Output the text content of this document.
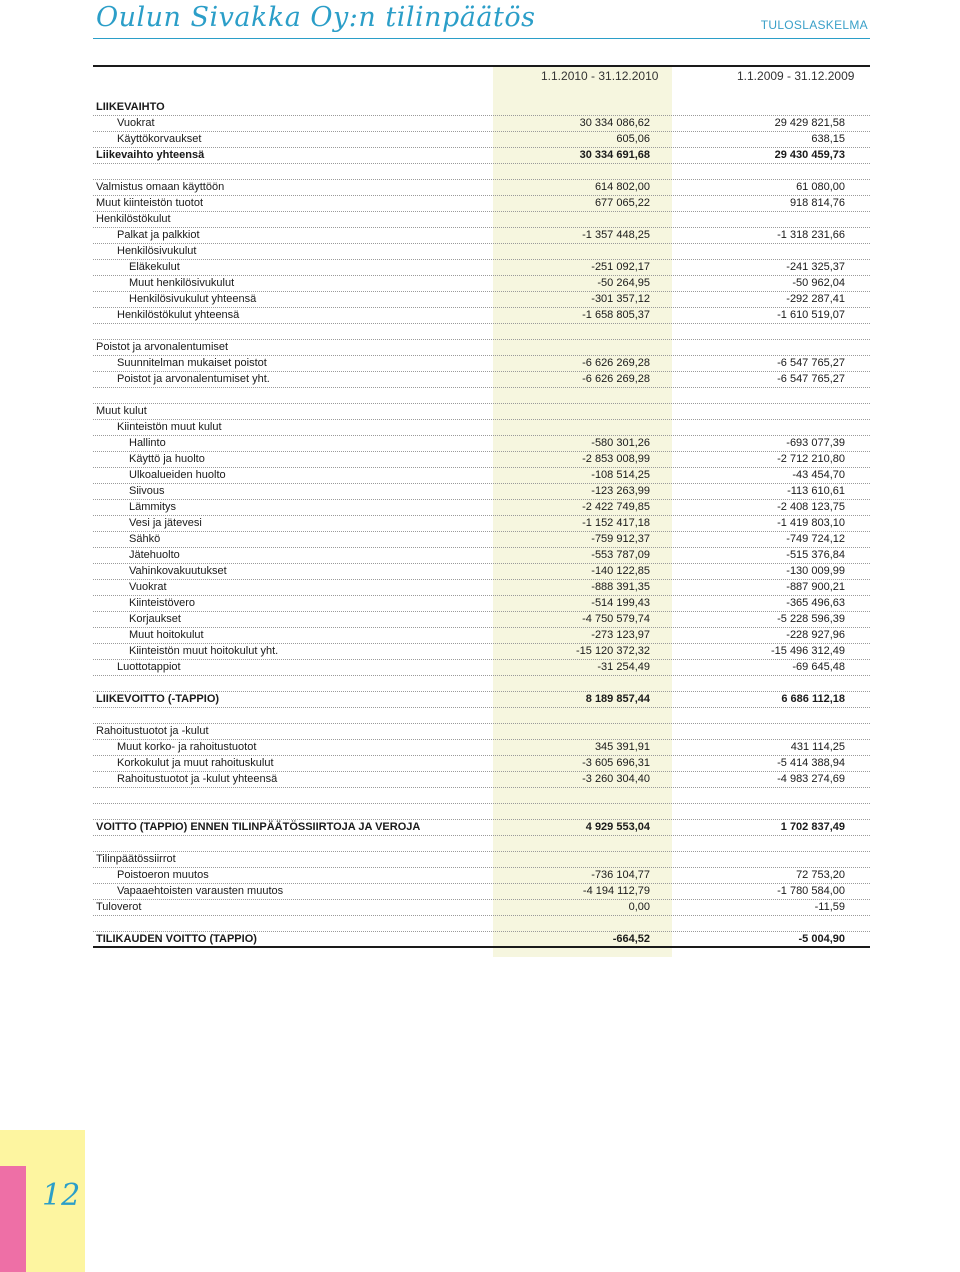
Oulun Sivakka Oy:n tilinpäätös	TULOSLASKELMA
1.1.2010 - 31.12.2010	1.1.2009 - 31.12.2009
LIIKEVAIHTO
Vuokrat	30 334 086,62	29 429 821,58
Käyttökorvaukset	605,06	638,15
Liikevaihto yhteensä	30 334 691,68	29 430 459,73
Valmistus omaan käyttöön	614 802,00	61 080,00
Muut kiinteistön tuotot	677 065,22	918 814,76
Henkilöstökulut
Palkat ja palkkiot	-1 357 448,25	-1 318 231,66
Henkilösivukulut
Eläkekulut	-251 092,17	-241 325,37
Muut henkilösivukulut	-50 264,95	-50 962,04
Henkilösivukulut yhteensä	-301 357,12	-292 287,41
Henkilöstökulut yhteensä	-1 658 805,37	-1 610 519,07
Poistot ja arvonalentumiset
Suunnitelman mukaiset poistot	-6 626 269,28	-6 547 765,27
Poistot ja arvonalentumiset yht.	-6 626 269,28	-6 547 765,27
Muut kulut
Kiinteistön muut kulut
Hallinto	-580 301,26	-693 077,39
Käyttö ja huolto	-2 853 008,99	-2 712 210,80
Ulkoalueiden huolto	-108 514,25	-43 454,70
Siivous	-123 263,99	-113 610,61
Lämmitys	-2 422 749,85	-2 408 123,75
Vesi ja jätevesi	-1 152 417,18	-1 419 803,10
Sähkö	-759 912,37	-749 724,12
Jätehuolto	-553 787,09	-515 376,84
Vahinkovakuutukset	-140 122,85	-130 009,99
Vuokrat	-888 391,35	-887 900,21
Kiinteistövero	-514 199,43	-365 496,63
Korjaukset	-4 750 579,74	-5 228 596,39
Muut hoitokulut	-273 123,97	-228 927,96
Kiinteistön muut hoitokulut yht.	-15 120 372,32	-15 496 312,49
Luottotappiot	-31 254,49	-69 645,48
LIIKEVOITTO (-TAPPIO)	8 189 857,44	6 686 112,18
Rahoitustuotot ja -kulut
Muut korko- ja rahoitustuotot	345 391,91	431 114,25
Korkokulut ja muut rahoituskulut	-3 605 696,31	-5 414 388,94
Rahoitustuotot ja -kulut yhteensä	-3 260 304,40	-4 983 274,69
VOITTO (TAPPIO) ENNEN TILINPÄÄTÖSSIIRTOJA JA VEROJA	4 929 553,04	1 702 837,49
Tilinpäätössiirrot
Poistoeron muutos	-736 104,77	72 753,20
Vapaaehtoisten varausten muutos	-4 194 112,79	-1 780 584,00
Tuloverot	0,00	-11,59
TILIKAUDEN VOITTO (TAPPIO)	-664,52	-5 004,90
12
